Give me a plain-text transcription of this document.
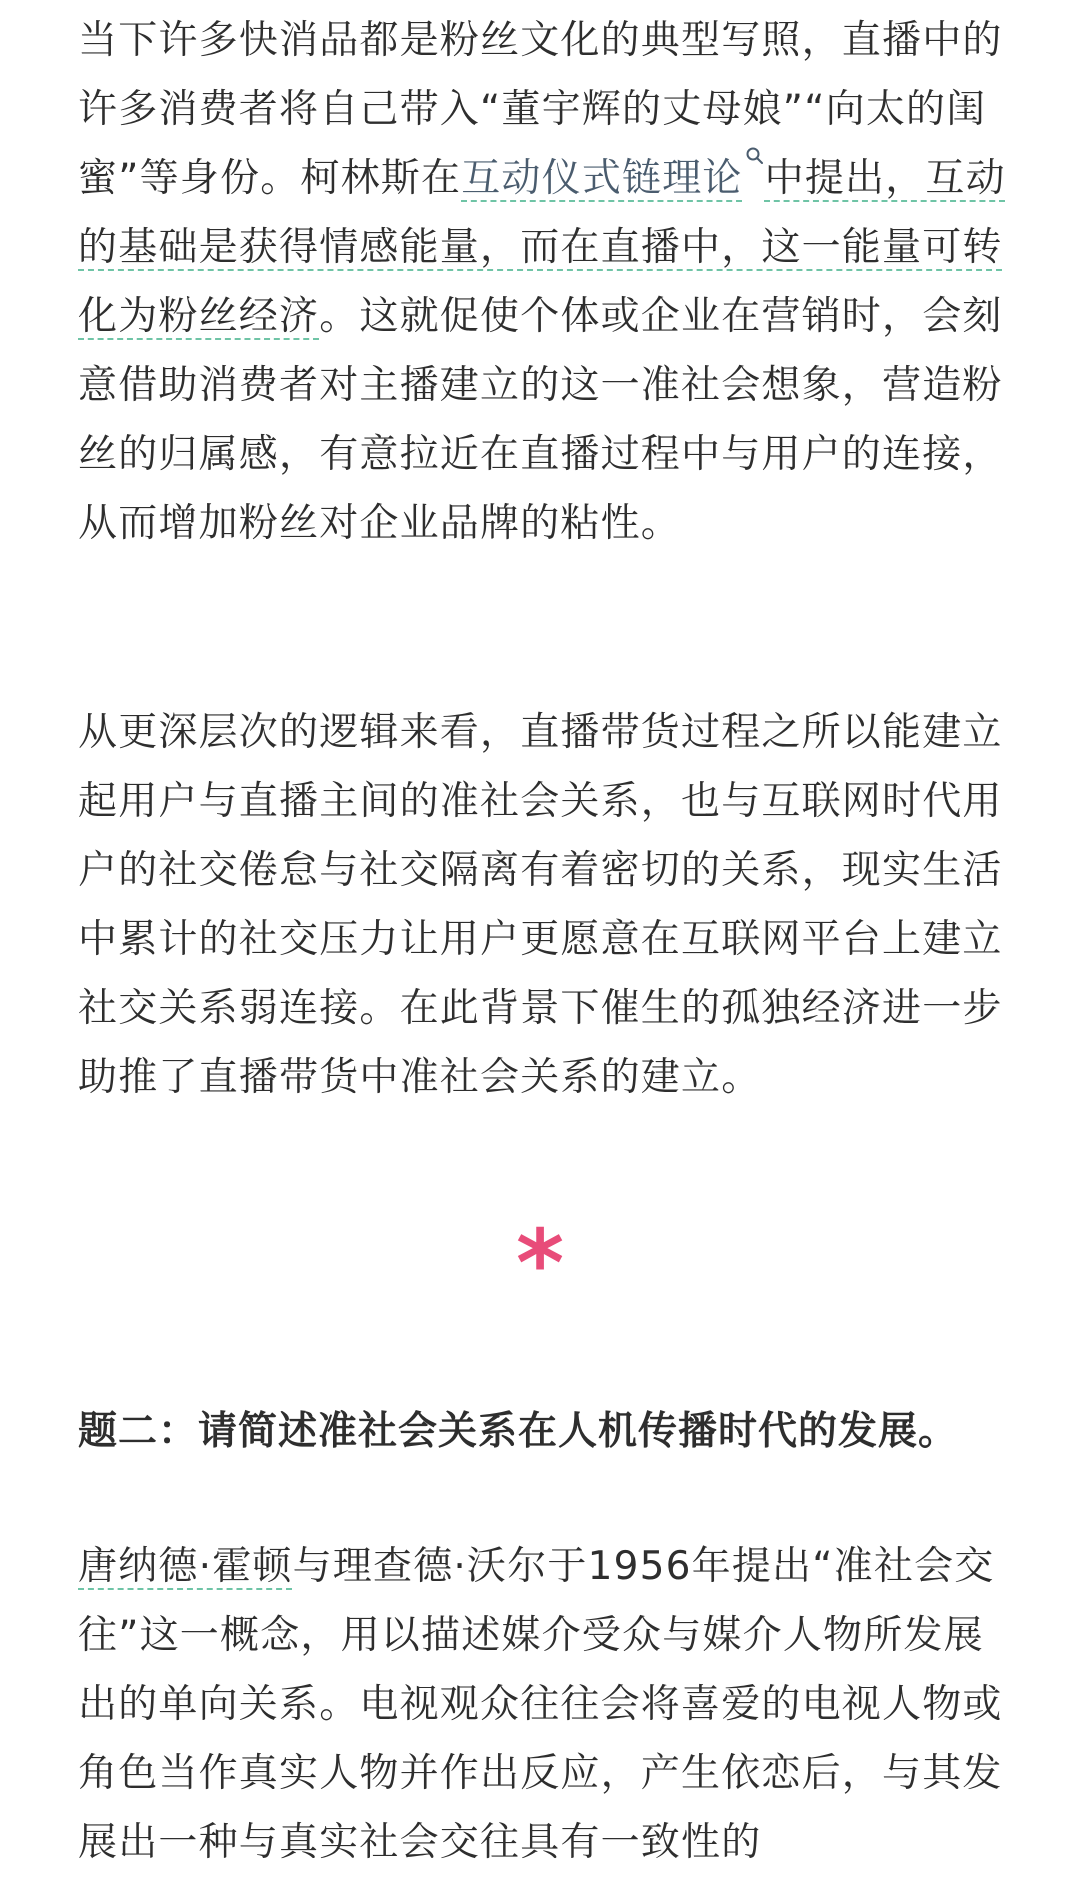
当下许多快消品都是粉丝文化的典型写照，直播中的许多消费者将自己带入“董宇辉的丈母娘”“向太的闺蜜”等身份。柯林斯在互动仪式链理论 中提出，互动的基础是获得情感能量，而在直播中，这一能量可转化为粉丝经济。这就促使个体或企业在营销时，会刻意借助消费者对主播建立的这一准社会想象，营造粉丝的归属感，有意拉近在直播过程中与用户的连接，从而增加粉丝对企业品牌的粘性。

从更深层次的逻辑来看，直播带货过程之所以能建立起用户与直播主间的准社会关系，也与互联网时代用户的社交倦怠与社交隔离有着密切的关系，现实生活中累计的社交压力让用户更愿意在互联网平台上建立社交关系弱连接。在此背景下催生的孤独经济进一步助推了直播带货中准社会关系的建立。

*

题二：请简述准社会关系在人机传播时代的发展。

唐纳德·霍顿与理查德·沃尔于1956年提出“准社会交往”这一概念，用以描述媒介受众与媒介人物所发展出的单向关系。电视观众往往会将喜爱的电视人物或角色当作真实人物并作出反应，产生依恋后，与其发展出一种与真实社会交往具有一致性的
